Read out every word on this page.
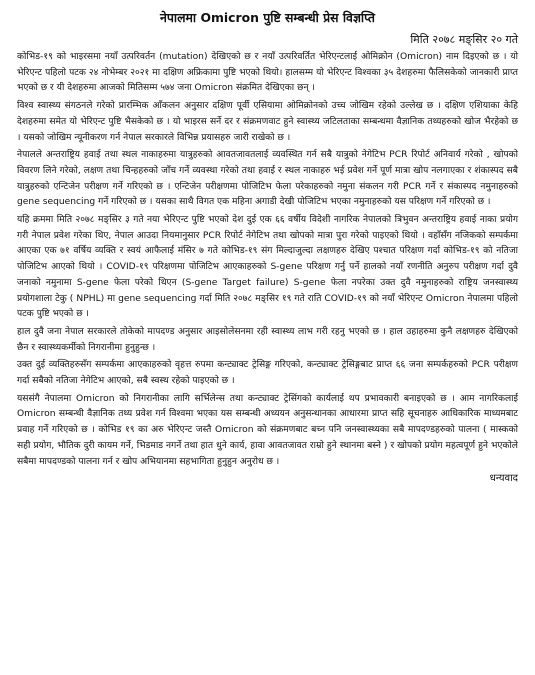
नेपालमा Omicron पुष्टि सम्बन्धी प्रेस विज्ञप्ति
मिति २०७८ मङ्सिर २० गते

कोभिड-१९ को भाइरसमा नयाँ उत्परिवर्तन (mutation) देखिएको छ र नयाँ उत्परिवर्तित भेरिएन्टलाई ओमिक्रोन (Omicron) नाम दिइएको छ । यो भेरिएन्ट पहिलो पटक २४ नोभेम्बर २०२१ मा दक्षिण अफ्रिकामा पुष्टि भएको थियो। हालसम्म यो भेरिएन्ट विश्वका ३५ देशहरुमा फैलिसकेको जानकारी प्राप्त भएको छ र यी देशहरुमा आजको मितिसम्म ५७४ जना Omicron संक्रमित देखिएका छन् ।

विश्व स्वास्थ्य संगठनले गरेको प्रारम्भिक आँकलन अनुसार दक्षिण पूर्वी एसियामा ओमिक्रोनको उच्च जोखिम रहेको उल्लेख छ । दक्षिण एशियाका केहि देशहरुमा समेत यो भेरिएन्ट पुष्टि भैसकेको छ । यो भाइरस सर्ने दर र संक्रमणवाट हुने स्वास्थ्य जटिलताका सम्बन्धमा वैज्ञानिक तथ्यहरुको खोज भैरहेको छ । यसको जोखिम न्यूनीकरण गर्न नेपाल सरकारले विभिन्न प्रयासहरु जारी राखेको छ ।

नेपालले अन्तराष्ट्रिय हवाई तथा स्थल नाकाहरुमा यात्रुहरुको आवतजावतलाई व्यवस्थित गर्न सबै यात्रुको नेगेटिभ PCR रिपोर्ट अनिवार्य गरेको , खोपको विवरण लिने गरेको, लक्षण तथा चिन्हहरुको जाँच गर्ने व्यवस्था गरेको तथा हवाई र स्थल नाकाहरु भई प्रवेश गर्ने पूर्ण मात्रा खोप नलगाएका र शंकास्पद सबै यात्रुहरुको एन्टिजेन परीक्षण गर्ने गरिएको छ । एन्टिजेन परीक्षणमा पोजिटिभ फेला परेकाहरुको नमुना संकलन गरी PCR गर्ने र संकास्पद नमुनाहरुको gene sequencing गर्ने गरिएको छ । यसका साथै विगत एक महिना अगाडी देखी पोजिटिभ भएका नमुनाहरुको यस परिक्षण गर्ने गरिएको छ ।

यहि क्रममा मिति २०७८ मङ्सिर ३ गते नया भेरिएन्ट पुष्टि भएको देश दुई एक ६६ वर्षीय विदेशी नागरिक नेपालको त्रिभुवन अन्तराष्ट्रिय हवाई नाका प्रयोग गरी नेपाल प्रवेश गरेका थिए, नेपाल आउदा नियमानुसार PCR रिपोर्ट नेगेटिभ तथा खोपको मात्रा पुरा गरेको पाइएको थियो । वहाँसँग नजिकको सम्पर्कमा आएका एक ७१ वर्षिय व्यक्ति र स्वयं आफैलाई मंसिर ७ गते कोभिड-१९ संग मिल्दाजुल्दा लक्षणहरु देखिए पश्चात परिक्षण गर्दा कोभिड-१९ को नतिजा पोजिटिभ आएको थियो । COVID-१९ परिक्षणमा पोजिटिभ आएकाहरुको S-gene परिक्षण गर्नु पर्ने हालको नयाँ रणनीति अनुरुप परीक्षण गर्दा दुवै जनाको नमुनामा S-gene फेला परेको थिएन (S-gene Target failure) S-gene फेला नपरेका उक्त दुवै नमुनाहरुको राष्ट्रिय जनस्वास्थ्य प्रयोगशाला टेकु ( NPHL) मा gene sequencing गर्दा मिति २०७८ मङ्सिर १९ गते राति COVID-१९ को नयाँ भेरिएन्ट Omicron नेपालमा पहिलो पटक पुष्टि भएको छ ।

हाल दुवै जना नेपाल सरकारले तोकेको मापदण्ड अनुसार आइसोलेसनमा रही स्वास्थ्य लाभ गरी रहनु भएको छ । हाल उहाहरुमा कुनै लक्षणहरु देखिएको छैन र स्वास्थ्यकर्मीको निगरानीमा हुनुहुन्छ ।

उक्त दुई व्यक्तिहरुसँग सम्पर्कमा आएकाहरुको वृहत्त रुपमा कन्ट्याक्ट ट्रेसिङ्ग गरिएको, कन्ट्याक्ट ट्रेसिङ्गबाट प्राप्त ६६ जना सम्पर्कहरुको PCR परीक्षण गर्दा सबैको नतिजा नेगेटिभ आएको, सबै स्वस्थ रहेको पाइएको छ ।

यससंगै नेपालमा Omicron को निगरानीका लागि सर्भिलेन्स तथा कन्ट्याक्ट ट्रेसिंगको कार्यलाई थप प्रभावकारी बनाइएको छ । आम नागरिकलाई Omicron सम्बन्धी वैज्ञानिक तथ्य प्रवेश गर्न विश्वमा भएका यस सम्बन्धी अध्ययन अनुसन्धानका आधारमा प्राप्त सहि सूचनाहरु आधिकारिक माध्यमबाट प्रवाह गर्ने गरिएको छ । कोभिड १९ का अरु भेरिएन्ट जस्तै Omicron को संक्रमणबाट बच्न पनि जनस्वास्थ्यका सबै मापदण्डहरुको पालना ( मास्कको सही प्रयोग, भौतिक दुरी कायम गर्ने, भिडमाड नगर्ने तथा हात धुने कार्य, हावा आवतजावत राम्रो हुने स्थानमा बस्ने ) र खोपको प्रयोग महत्वपूर्ण हुने भएकोले सबैमा मापदण्डको पालना गर्न र खोप अभियानमा सहभागिता हुनुहुन अनुरोध छ ।

धन्यवाद
